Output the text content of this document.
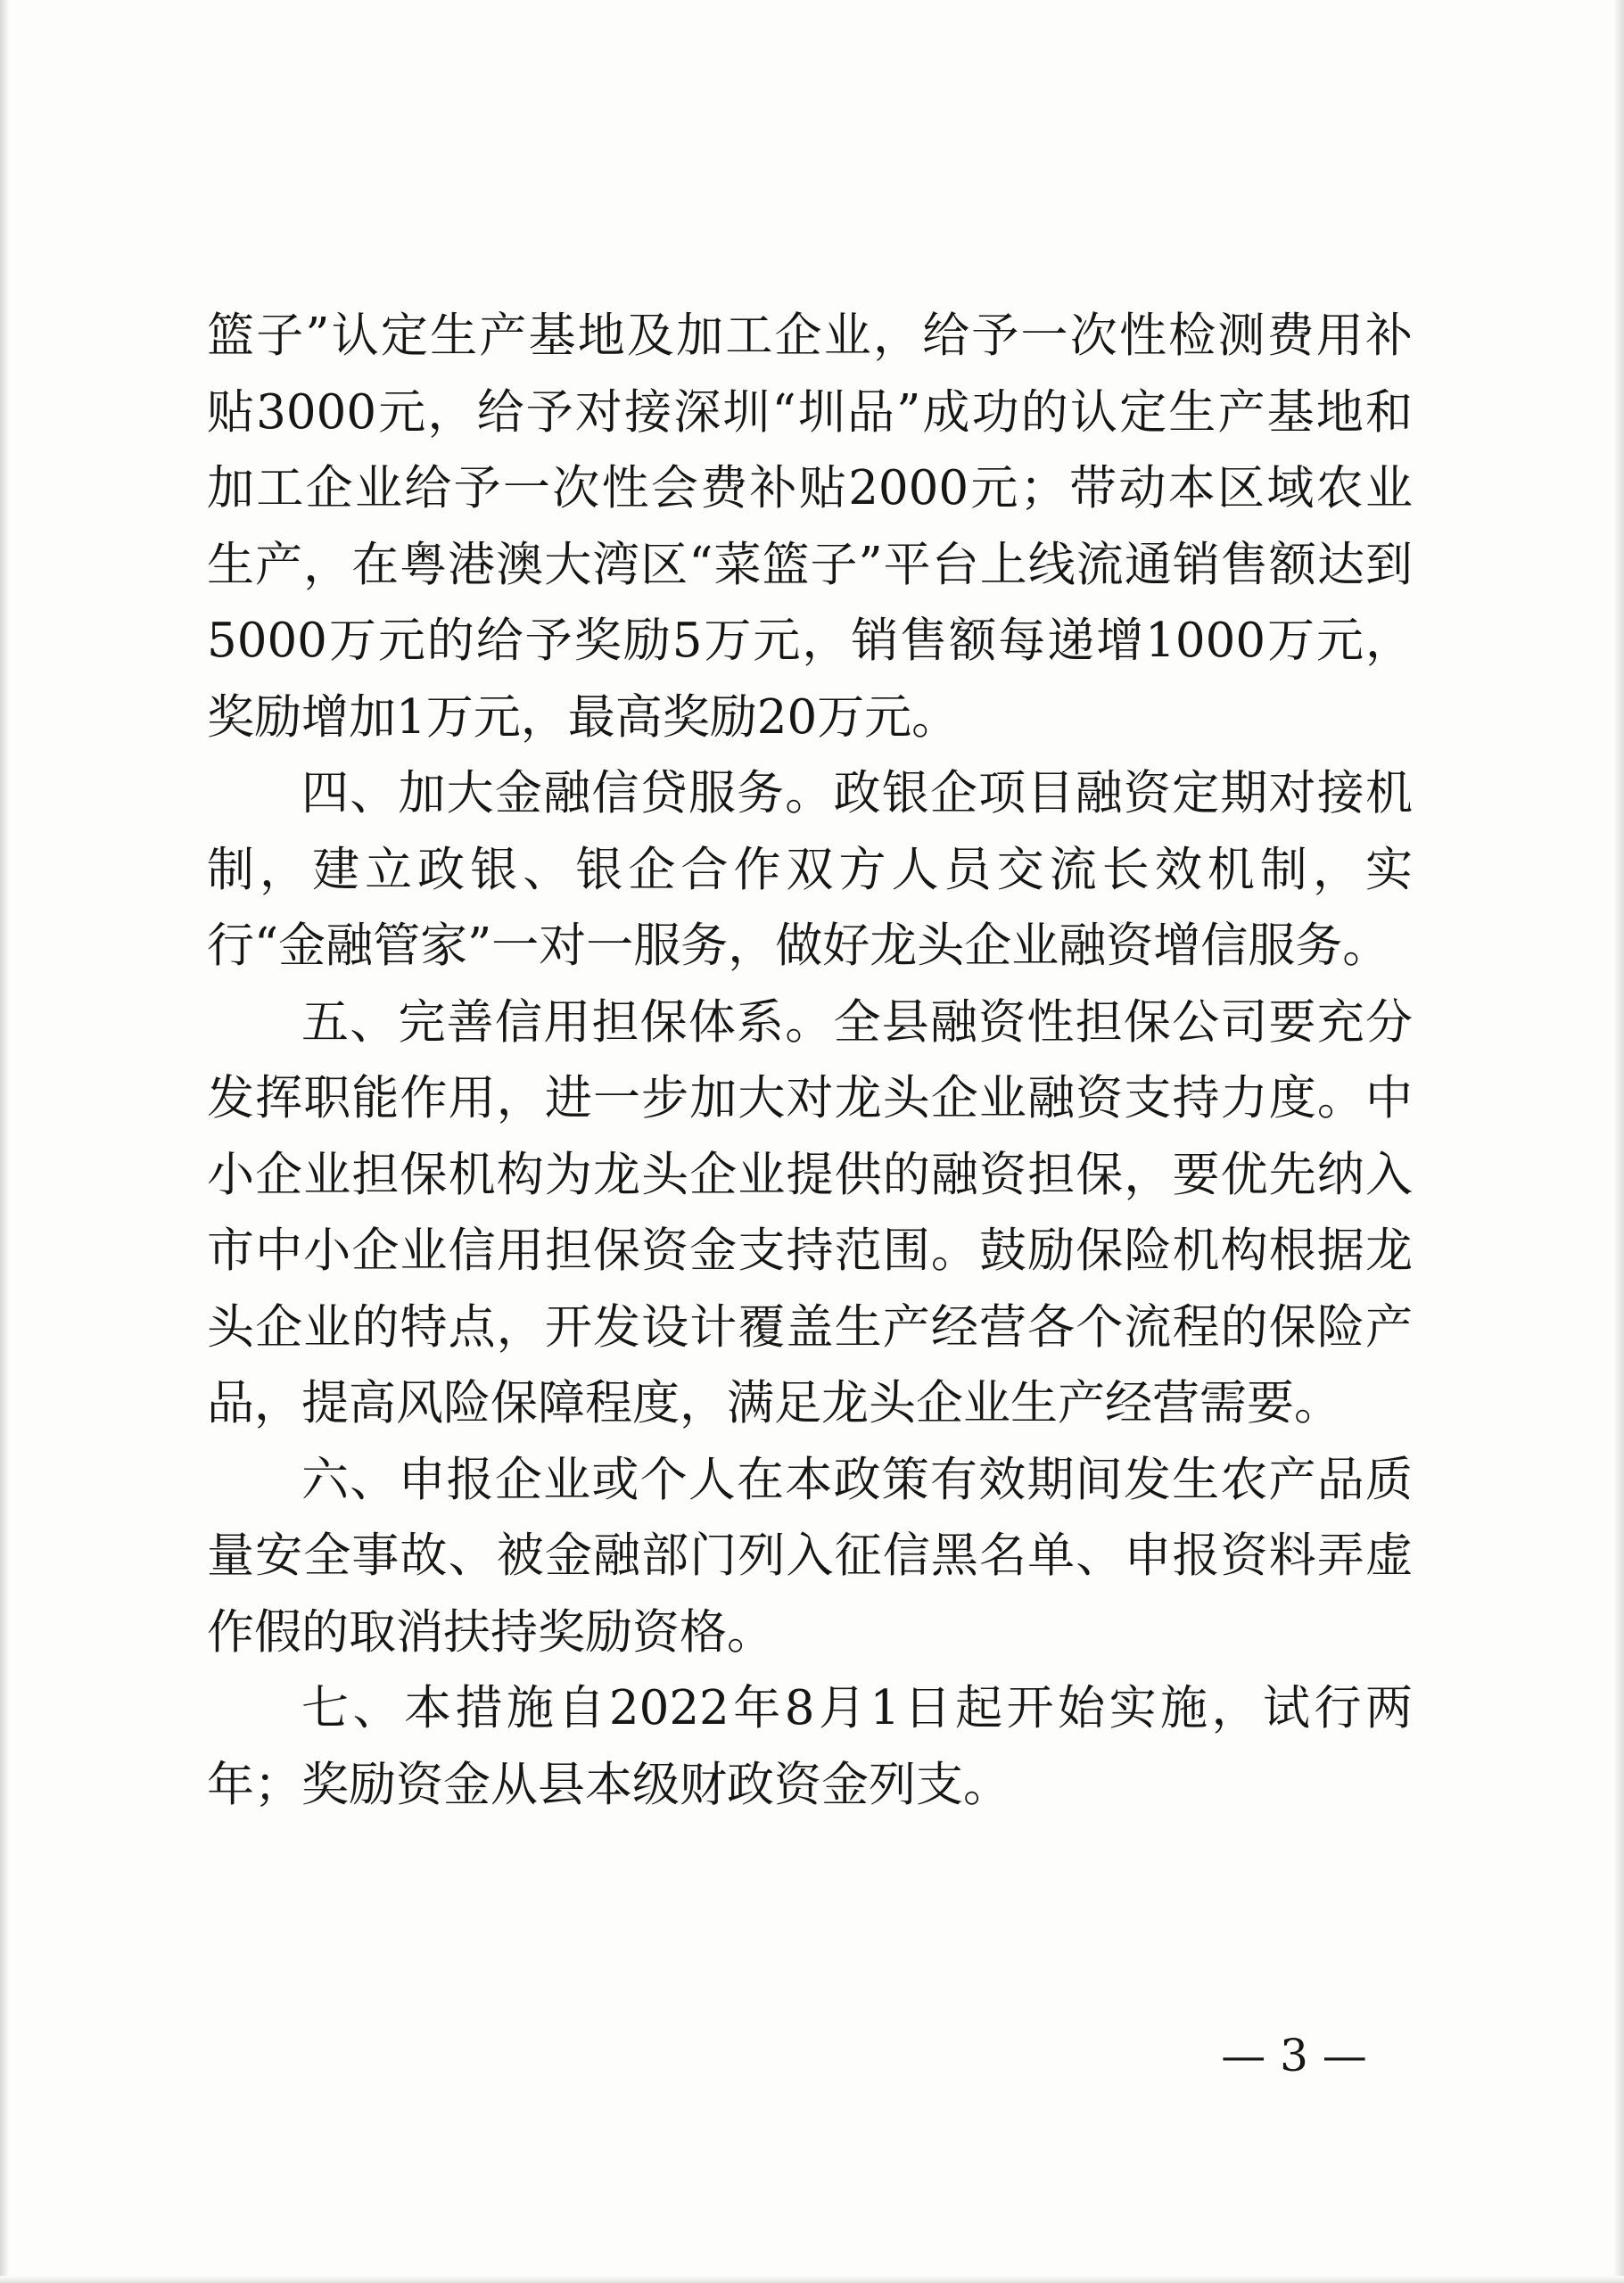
篮子”认定生产基地及加工企业，给予一次性检测费用补贴3000元，给予对接深圳“圳品”成功的认定生产基地和加工企业给予一次性会费补贴2000元；带动本区域农业生产，在粤港澳大湾区“菜篮子”平台上线流通销售额达到5000万元的给予奖励5万元，销售额每递增1000万元，奖励增加1万元，最高奖励20万元。

四、加大金融信贷服务。政银企项目融资定期对接机制，建立政银、银企合作双方人员交流长效机制，实行“金融管家”一对一服务，做好龙头企业融资增信服务。

五、完善信用担保体系。全县融资性担保公司要充分发挥职能作用，进一步加大对龙头企业融资支持力度。中小企业担保机构为龙头企业提供的融资担保，要优先纳入市中小企业信用担保资金支持范围。鼓励保险机构根据龙头企业的特点，开发设计覆盖生产经营各个流程的保险产品，提高风险保障程度，满足龙头企业生产经营需要。

六、申报企业或个人在本政策有效期间发生农产品质量安全事故、被金融部门列入征信黑名单、申报资料弄虚作假的取消扶持奖励资格。

七、本措施自2022年8月1日起开始实施，试行两年；奖励资金从县本级财政资金列支。

— 3 —
